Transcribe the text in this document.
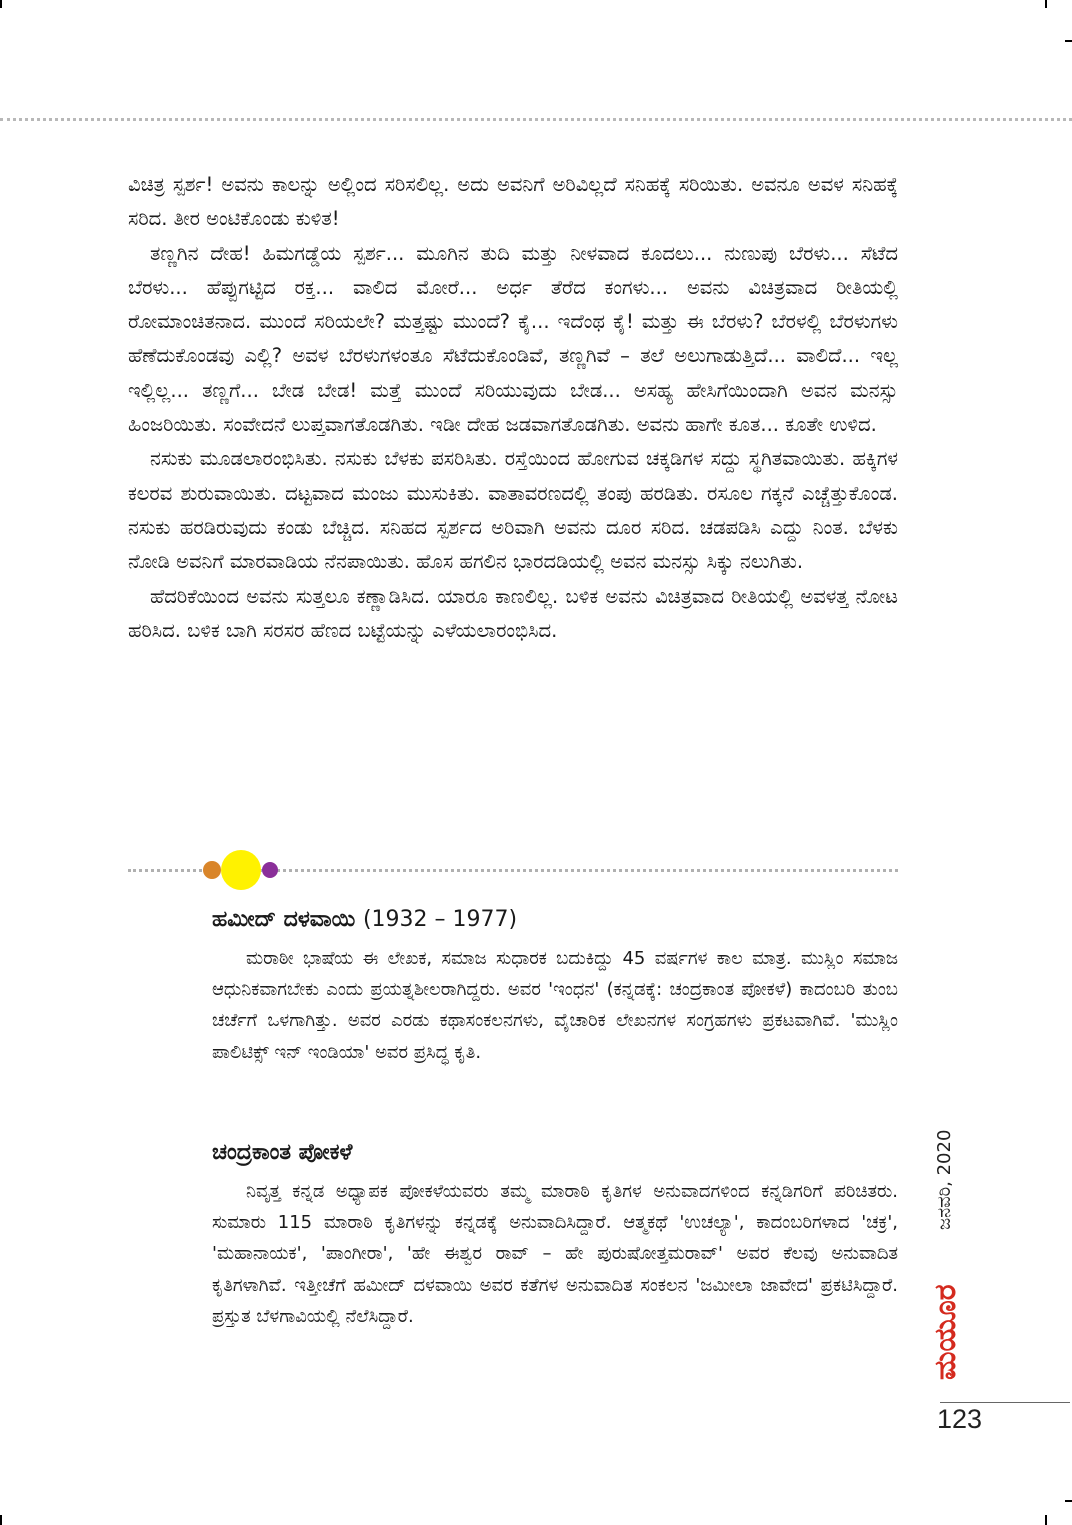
ವಿಚಿತ್ರ ಸ್ಪರ್ಶ! ಅವನು ಕಾಲನ್ನು ಅಲ್ಲಿಂದ ಸರಿಸಲಿಲ್ಲ. ಅದು ಅವನಿಗೆ ಅರಿವಿಲ್ಲದೆ ಸನಿಹಕ್ಕೆ ಸರಿಯಿತು. ಅವನೂ ಅವಳ ಸನಿಹಕ್ಕೆ ಸರಿದ. ತೀರ ಅಂಟಿಕೊಂಡು ಕುಳಿತ!

ತಣ್ಣಗಿನ ದೇಹ! ಹಿಮಗಡ್ಡೆಯ ಸ್ಪರ್ಶ... ಮೂಗಿನ ತುದಿ ಮತ್ತು ನೀಳವಾದ ಕೂದಲು... ನುಣುಪು ಬೆರಳು... ಸೆಟೆದ ಬೆರಳು... ಹೆಪ್ಪುಗಟ್ಟಿದ ರಕ್ತ... ವಾಲಿದ ಮೋರೆ... ಅರ್ಧ ತೆರೆದ ಕಂಗಳು... ಅವನು ವಿಚಿತ್ರವಾದ ರೀತಿಯಲ್ಲಿ ರೋಮಾಂಚಿತನಾದ. ಮುಂದೆ ಸರಿಯಲೇ? ಮತ್ತಷ್ಟು ಮುಂದೆ? ಕೈ... ಇದೆಂಥ ಕೈ! ಮತ್ತು ಈ ಬೆರಳು? ಬೆರಳಲ್ಲಿ ಬೆರಳುಗಳು ಹೆಣೆದುಕೊಂಡವು ಎಲ್ಲಿ? ಅವಳ ಬೆರಳುಗಳಂತೂ ಸೆಟೆದುಕೊಂಡಿವೆ, ತಣ್ಣಗಿವೆ – ತಲೆ ಅಲುಗಾಡುತ್ತಿದೆ... ವಾಲಿದೆ... ಇಲ್ಲ ಇಲ್ಲಿಲ್ಲ... ತಣ್ಣಗೆ... ಬೇಡ ಬೇಡ! ಮತ್ತೆ ಮುಂದೆ ಸರಿಯುವುದು ಬೇಡ... ಅಸಹ್ಯ ಹೇಸಿಗೆಯಿಂದಾಗಿ ಅವನ ಮನಸ್ಸು ಹಿಂಜರಿಯಿತು. ಸಂವೇದನೆ ಲುಪ್ತವಾಗತೊಡಗಿತು. ಇಡೀ ದೇಹ ಜಡವಾಗತೊಡಗಿತು. ಅವನು ಹಾಗೇ ಕೂತ... ಕೂತೇ ಉಳಿದ.

ನಸುಕು ಮೂಡಲಾರಂಭಿಸಿತು. ನಸುಕು ಬೆಳಕು ಪಸರಿಸಿತು. ರಸ್ತೆಯಿಂದ ಹೋಗುವ ಚಕ್ಕಡಿಗಳ ಸದ್ದು ಸ್ಥಗಿತವಾಯಿತು. ಹಕ್ಕಿಗಳ ಕಲರವ ಶುರುವಾಯಿತು. ದಟ್ಟವಾದ ಮಂಜು ಮುಸುಕಿತು. ವಾತಾವರಣದಲ್ಲಿ ತಂಪು ಹರಡಿತು. ರಸೂಲ ಗಕ್ಕನೆ ಎಚ್ಚೆತ್ತುಕೊಂಡ. ನಸುಕು ಹರಡಿರುವುದು ಕಂಡು ಬೆಚ್ಚಿದ. ಸನಿಹದ ಸ್ಪರ್ಶದ ಅರಿವಾಗಿ ಅವನು ದೂರ ಸರಿದ. ಚಡಪಡಿಸಿ ಎದ್ದು ನಿಂತ. ಬೆಳಕು ನೋಡಿ ಅವನಿಗೆ ಮಾರವಾಡಿಯ ನೆನಪಾಯಿತು. ಹೊಸ ಹಗಲಿನ ಭಾರದಡಿಯಲ್ಲಿ ಅವನ ಮನಸ್ಸು ಸಿಕ್ಕು ನಲುಗಿತು.

ಹೆದರಿಕೆಯಿಂದ ಅವನು ಸುತ್ತಲೂ ಕಣ್ಣಾಡಿಸಿದ. ಯಾರೂ ಕಾಣಲಿಲ್ಲ. ಬಳಿಕ ಅವನು ವಿಚಿತ್ರವಾದ ರೀತಿಯಲ್ಲಿ ಅವಳತ್ತ ನೋಟ ಹರಿಸಿದ. ಬಳಿಕ ಬಾಗಿ ಸರಸರ ಹೆಣದ ಬಟ್ಟೆಯನ್ನು ಎಳೆಯಲಾರಂಭಿಸಿದ.

ಹಮೀದ್ ದಳವಾಯಿ (1932 – 1977)

ಮರಾಠೀ ಭಾಷೆಯ ಈ ಲೇಖಕ, ಸಮಾಜ ಸುಧಾರಕ ಬದುಕಿದ್ದು 45 ವರ್ಷಗಳ ಕಾಲ ಮಾತ್ರ. ಮುಸ್ಲಿಂ ಸಮಾಜ ಆಧುನಿಕವಾಗಬೇಕು ಎಂದು ಪ್ರಯತ್ನಶೀಲರಾಗಿದ್ದರು. ಅವರ 'ಇಂಧನ' (ಕನ್ನಡಕ್ಕೆ: ಚಂದ್ರಕಾಂತ ಪೋಕಳೆ) ಕಾದಂಬರಿ ತುಂಬ ಚರ್ಚೆಗೆ ಒಳಗಾಗಿತ್ತು. ಅವರ ಎರಡು ಕಥಾಸಂಕಲನಗಳು, ವೈಚಾರಿಕ ಲೇಖನಗಳ ಸಂಗ್ರಹಗಳು ಪ್ರಕಟವಾಗಿವೆ. 'ಮುಸ್ಲಿಂ ಪಾಲಿಟಿಕ್ಸ್ ಇನ್ ಇಂಡಿಯಾ' ಅವರ ಪ್ರಸಿದ್ಧ ಕೃತಿ.

ಚಂದ್ರಕಾಂತ ಪೋಕಳೆ

ನಿವೃತ್ತ ಕನ್ನಡ ಅಧ್ಯಾಪಕ ಪೋಕಳೆಯವರು ತಮ್ಮ ಮಾರಾಠಿ ಕೃತಿಗಳ ಅನುವಾದಗಳಿಂದ ಕನ್ನಡಿಗರಿಗೆ ಪರಿಚಿತರು. ಸುಮಾರು 115 ಮಾರಾಠಿ ಕೃತಿಗಳನ್ನು ಕನ್ನಡಕ್ಕೆ ಅನುವಾದಿಸಿದ್ದಾರೆ. ಆತ್ಮಕಥೆ 'ಉಚಲ್ಯಾ', ಕಾದಂಬರಿಗಳಾದ 'ಚಕ್ರ', 'ಮಹಾನಾಯಕ', 'ಪಾಂಗೀರಾ', 'ಹೇ ಈಶ್ವರ ರಾವ್ – ಹೇ ಪುರುಷೋತ್ತಮರಾವ್' ಅವರ ಕೆಲವು ಅನುವಾದಿತ ಕೃತಿಗಳಾಗಿವೆ. ಇತ್ತೀಚೆಗೆ ಹಮೀದ್ ದಳವಾಯಿ ಅವರ ಕತೆಗಳ ಅನುವಾದಿತ ಸಂಕಲನ 'ಜಮೀಲಾ ಜಾವೇದ' ಪ್ರಕಟಿಸಿದ್ದಾರೆ. ಪ್ರಸ್ತುತ ಬೆಳಗಾವಿಯಲ್ಲಿ ನೆಲೆಸಿದ್ದಾರೆ.

ಜನವರಿ, 2020
ಮಯೂರ
123
